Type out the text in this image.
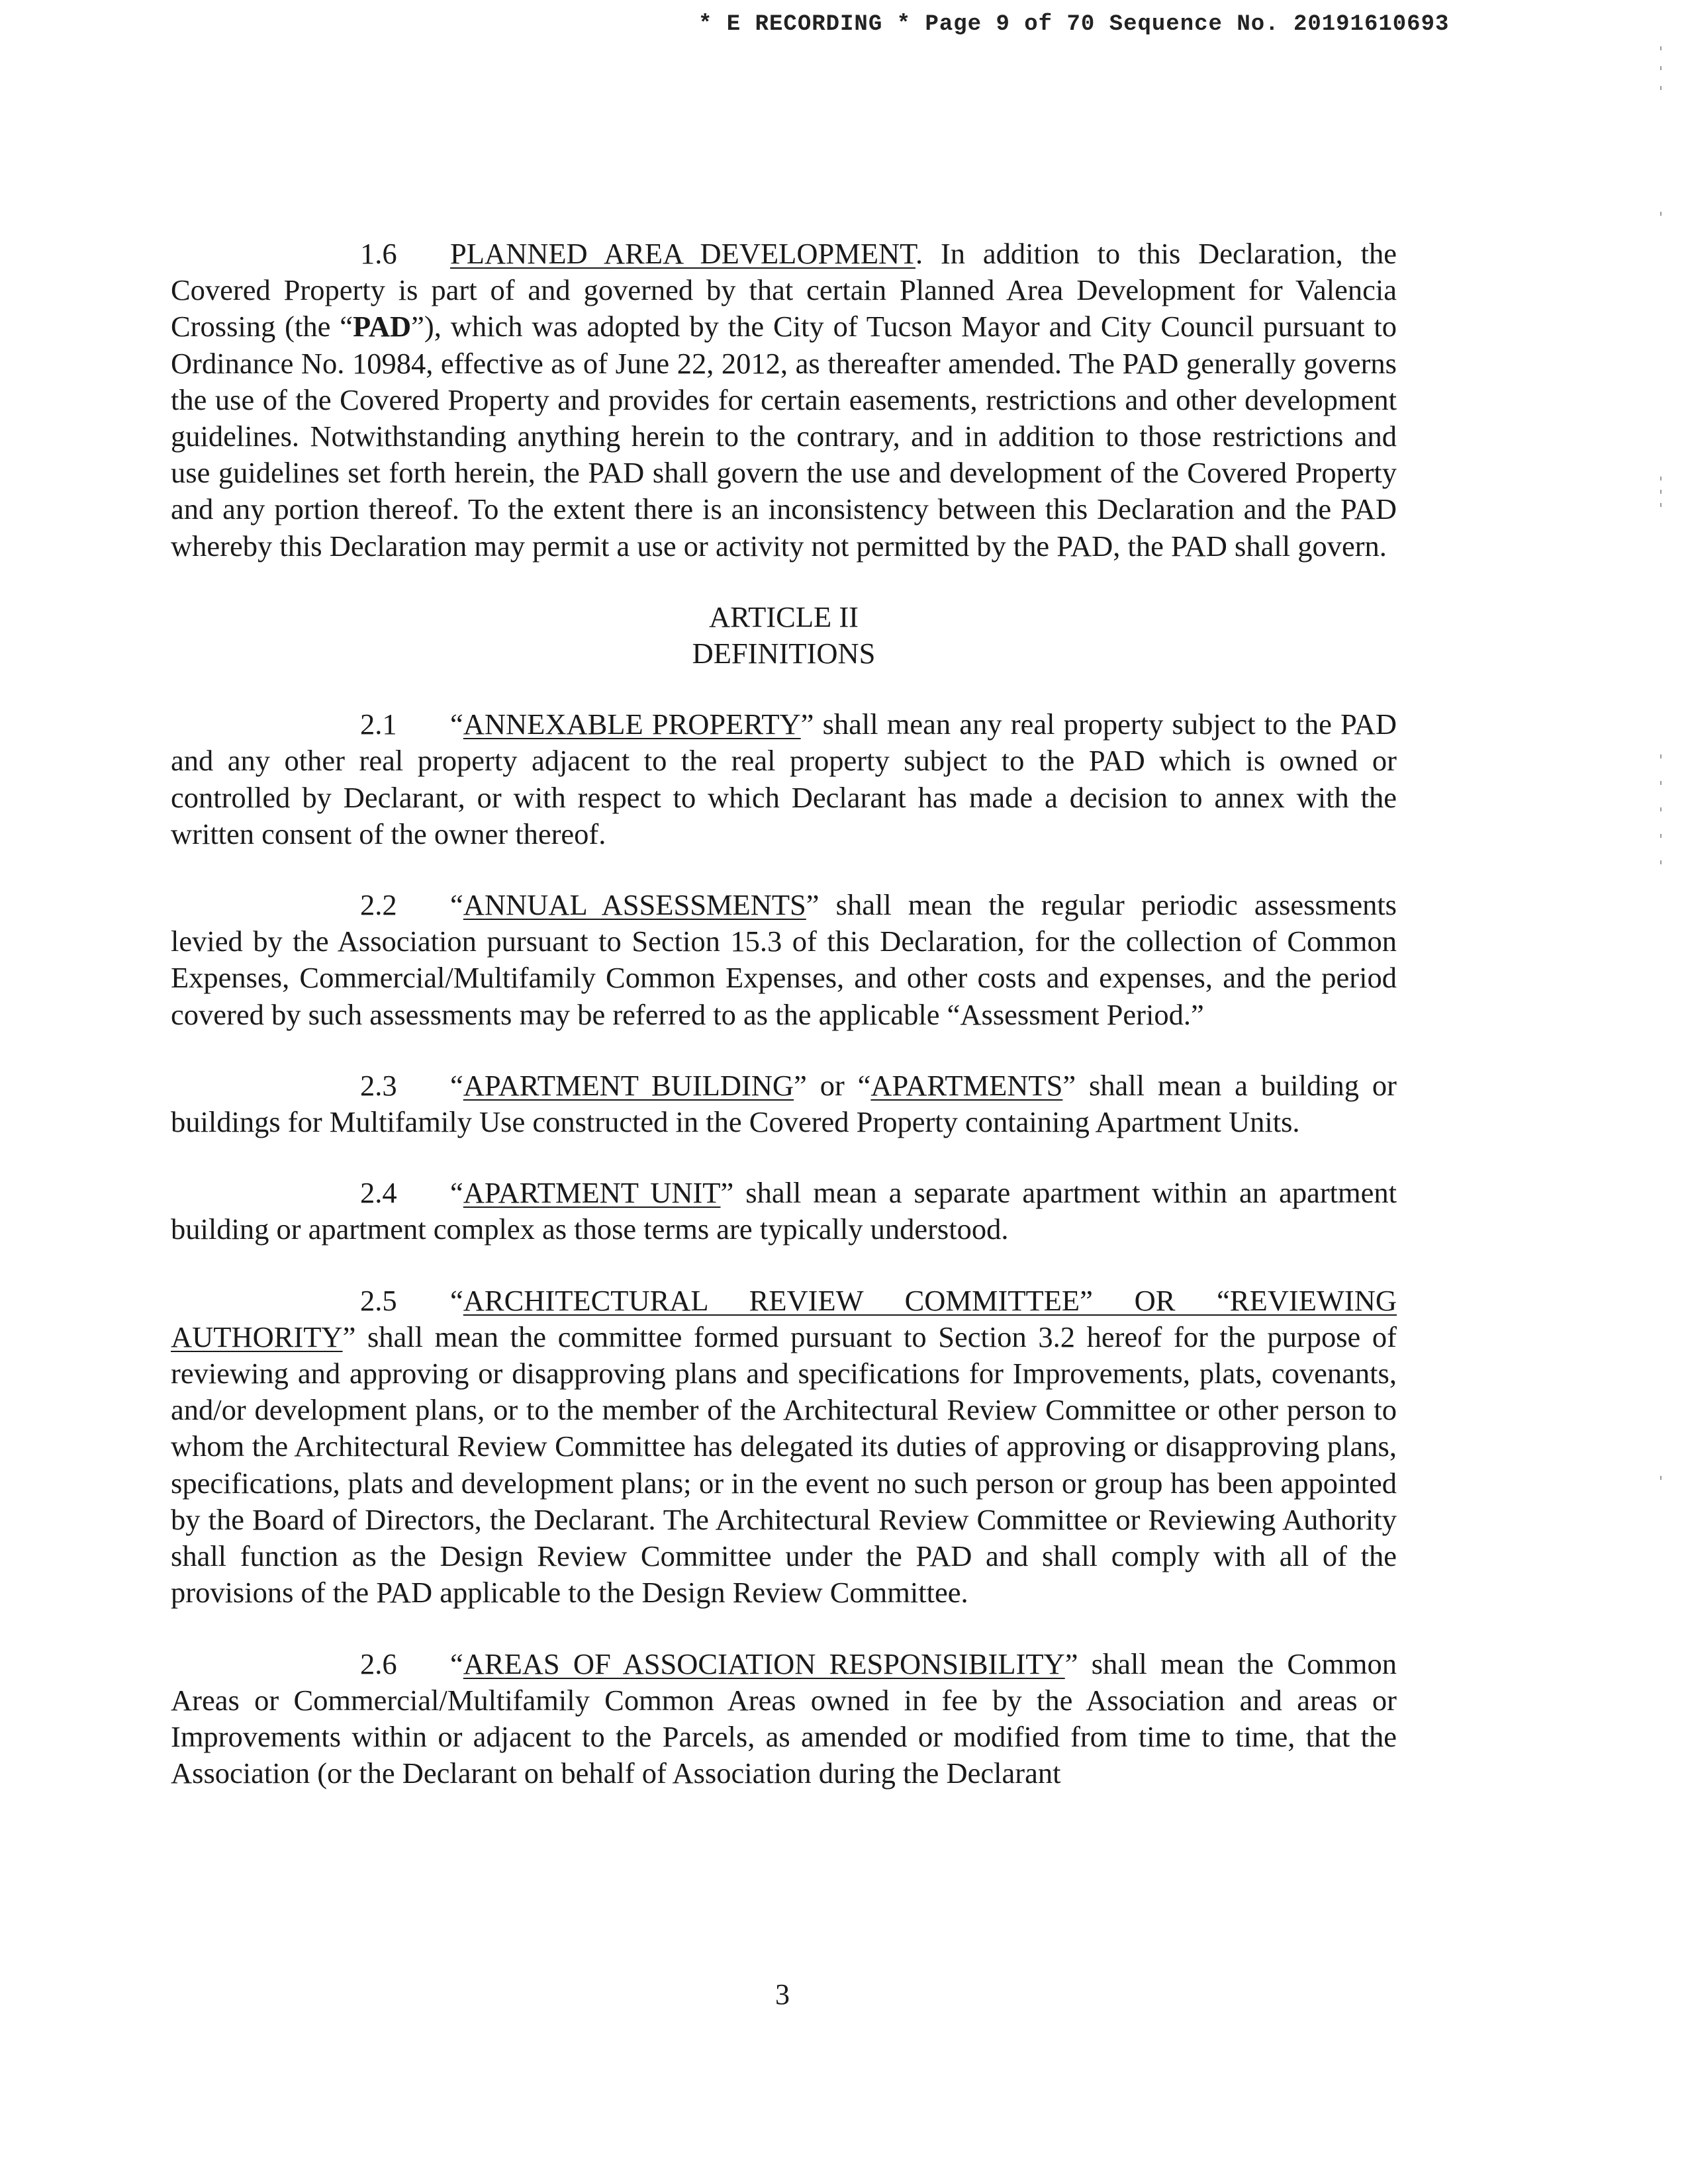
* E RECORDING * Page 9 of 70 Sequence No. 20191610693

1.6 PLANNED AREA DEVELOPMENT. In addition to this Declaration, the Covered Property is part of and governed by that certain Planned Area Development for Valencia Crossing (the “PAD”), which was adopted by the City of Tucson Mayor and City Council pursuant to Ordinance No. 10984, effective as of June 22, 2012, as thereafter amended. The PAD generally governs the use of the Covered Property and provides for certain easements, restrictions and other development guidelines. Notwithstanding anything herein to the contrary, and in addition to those restrictions and use guidelines set forth herein, the PAD shall govern the use and development of the Covered Property and any portion thereof. To the extent there is an inconsistency between this Declaration and the PAD whereby this Declaration may permit a use or activity not permitted by the PAD, the PAD shall govern.

ARTICLE II
DEFINITIONS

2.1 “ANNEXABLE PROPERTY” shall mean any real property subject to the PAD and any other real property adjacent to the real property subject to the PAD which is owned or controlled by Declarant, or with respect to which Declarant has made a decision to annex with the written consent of the owner thereof.

2.2 “ANNUAL ASSESSMENTS” shall mean the regular periodic assessments levied by the Association pursuant to Section 15.3 of this Declaration, for the collection of Common Expenses, Commercial/Multifamily Common Expenses, and other costs and expenses, and the period covered by such assessments may be referred to as the applicable “Assessment Period.”

2.3 “APARTMENT BUILDING” or “APARTMENTS” shall mean a building or buildings for Multifamily Use constructed in the Covered Property containing Apartment Units.

2.4 “APARTMENT UNIT” shall mean a separate apartment within an apartment building or apartment complex as those terms are typically understood.

2.5 “ARCHITECTURAL REVIEW COMMITTEE” OR “REVIEWING AUTHORITY” shall mean the committee formed pursuant to Section 3.2 hereof for the purpose of reviewing and approving or disapproving plans and specifications for Improvements, plats, covenants, and/or development plans, or to the member of the Architectural Review Committee or other person to whom the Architectural Review Committee has delegated its duties of approving or disapproving plans, specifications, plats and development plans; or in the event no such person or group has been appointed by the Board of Directors, the Declarant. The Architectural Review Committee or Reviewing Authority shall function as the Design Review Committee under the PAD and shall comply with all of the provisions of the PAD applicable to the Design Review Committee.

2.6 “AREAS OF ASSOCIATION RESPONSIBILITY” shall mean the Common Areas or Commercial/Multifamily Common Areas owned in fee by the Association and areas or Improvements within or adjacent to the Parcels, as amended or modified from time to time, that the Association (or the Declarant on behalf of Association during the Declarant

3
